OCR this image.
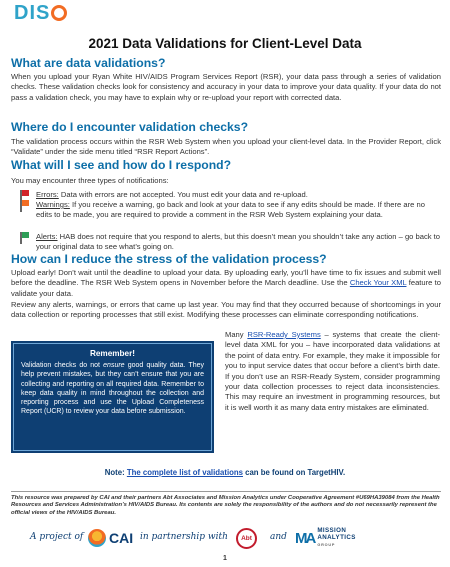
DIS
2021 Data Validations for Client-Level Data
What are data validations?
When you upload your Ryan White HIV/AIDS Program Services Report (RSR), your data pass through a series of validation checks. These validation checks look for consistency and accuracy in your data to improve your data quality. If your data do not pass a validation check, you may have to explain why or re-upload your report with corrected data.
Where do I encounter validation checks?
The validation process occurs within the RSR Web System when you upload your client-level data. In the Provider Report, click “Validate” under the side menu titled “RSR Report Actions”.
What will I see and how do I respond?
You may encounter three types of notifications:
Errors: Data with errors are not accepted. You must edit your data and re-upload.
Warnings: If you receive a warning, go back and look at your data to see if any edits should be made. If there are no edits to be made, you are required to provide a comment in the RSR Web System explaining your data.
Alerts: HAB does not require that you respond to alerts, but this doesn’t mean you shouldn’t take any action – go back to your original data to see what’s going on.
How can I reduce the stress of the validation process?
Upload early! Don’t wait until the deadline to upload your data. By uploading early, you’ll have time to fix issues and submit well before the deadline. The RSR Web System opens in November before the March deadline. Use the Check Your XML feature to validate your data.
Review any alerts, warnings, or errors that came up last year. You may find that they occurred because of shortcomings in your data collection or reporting processes that still exist. Modifying these processes can eliminate corresponding notifications.
Remember!
Validation checks do not ensure good quality data. They help prevent mistakes, but they can’t ensure that you are collecting and reporting on all required data. Remember to keep data quality in mind throughout the collection and reporting process and use the Upload Completeness Report (UCR) to review your data before submission.
Many RSR-Ready Systems – systems that create the client-level data XML for you – have incorporated data validations at the point of data entry. For example, they make it impossible for you to input service dates that occur before a client’s birth date. If you don’t use an RSR-Ready System, consider programming your data collection processes to reject data inconsistencies. This may require an investment in programming resources, but it is well worth it as many data entry mistakes are eliminated.
Note: The complete list of validations can be found on TargetHIV.
This resource was prepared by CAI and their partners Abt Associates and Mission Analytics under Cooperative Agreement #U69HA39084 from the Health Resources and Services Administration’s HIV/AIDS Bureau. Its contents are solely the responsibility of the authors and do not necessarily represent the official views of the HIV/AIDS Bureau.
A project of CAI in partnership with Abt and MA MISSION
ANALYTICS
GROUP
1
